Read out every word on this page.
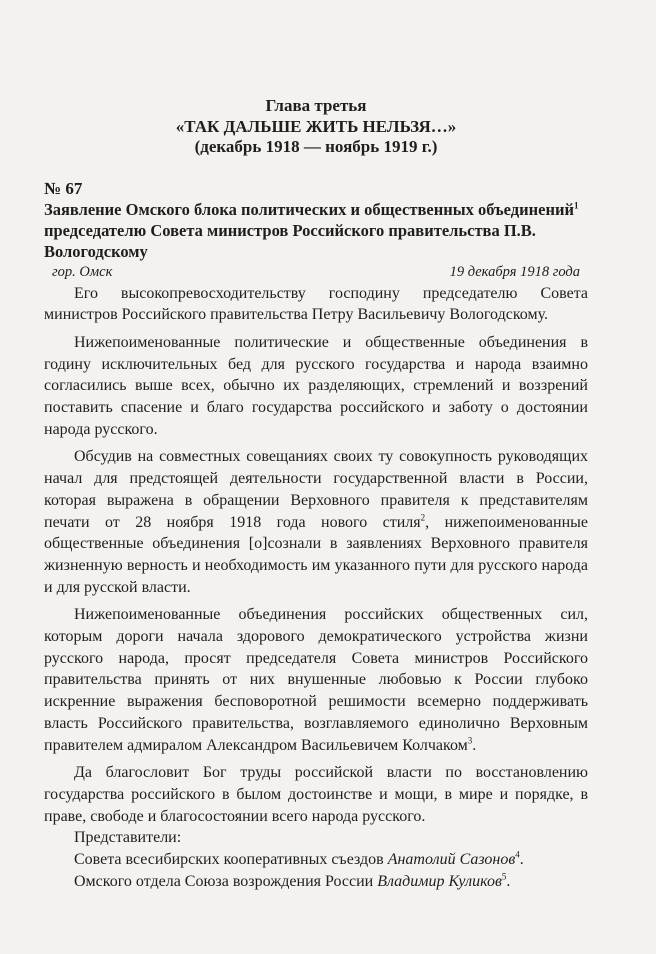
Глава третья
«ТАК ДАЛЬШЕ ЖИТЬ НЕЛЬЗЯ…»
(декабрь 1918 — ноябрь 1919 г.)
№ 67
Заявление Омского блока политических и общественных объединений$^1$ председателю Совета министров Российского правительства П.В. Вологодскому
гор. Омск	19 декабря 1918 года

Его высокопревосходительству господину председателю Совета министров Российского правительства Петру Васильевичу Вологодскому.

Нижепоименованные политические и общественные объединения в годину исключительных бед для русского государства и народа взаимно согласились выше всех, обычно их разделяющих, стремлений и воззрений поставить спасение и благо государства российского и заботу о достоянии народа русского.

Обсудив на совместных совещаниях своих ту совокупность руководящих начал для предстоящей деятельности государственной власти в России, которая выражена в обращении Верховного правителя к представителям печати от 28 ноября 1918 года нового стиля$^2$, нижепоименованные общественные объединения [о]сознали в заявлениях Верховного правителя жизненную верность и необходимость им указанного пути для русского народа и для русской власти.

Нижепоименованные объединения российских общественных сил, которым дороги начала здорового демократического устройства жизни русского народа, просят председателя Совета министров Российского правительства принять от них внушенные любовью к России глубоко искренние выражения бесповоротной решимости всемерно поддерживать власть Российского правительства, возглавляемого единолично Верховным правителем адмиралом Александром Васильевичем Колчаком$^3$.

Да благословит Бог труды российской власти по восстановлению государства российского в былом достоинстве и мощи, в мире и порядке, в праве, свободе и благосостоянии всего народа русского.

Представители:

Совета всесибирских кооперативных съездов Анатолий Сазонов$^4$.

Омского отдела Союза возрождения России Владимир Куликов$^5$.
